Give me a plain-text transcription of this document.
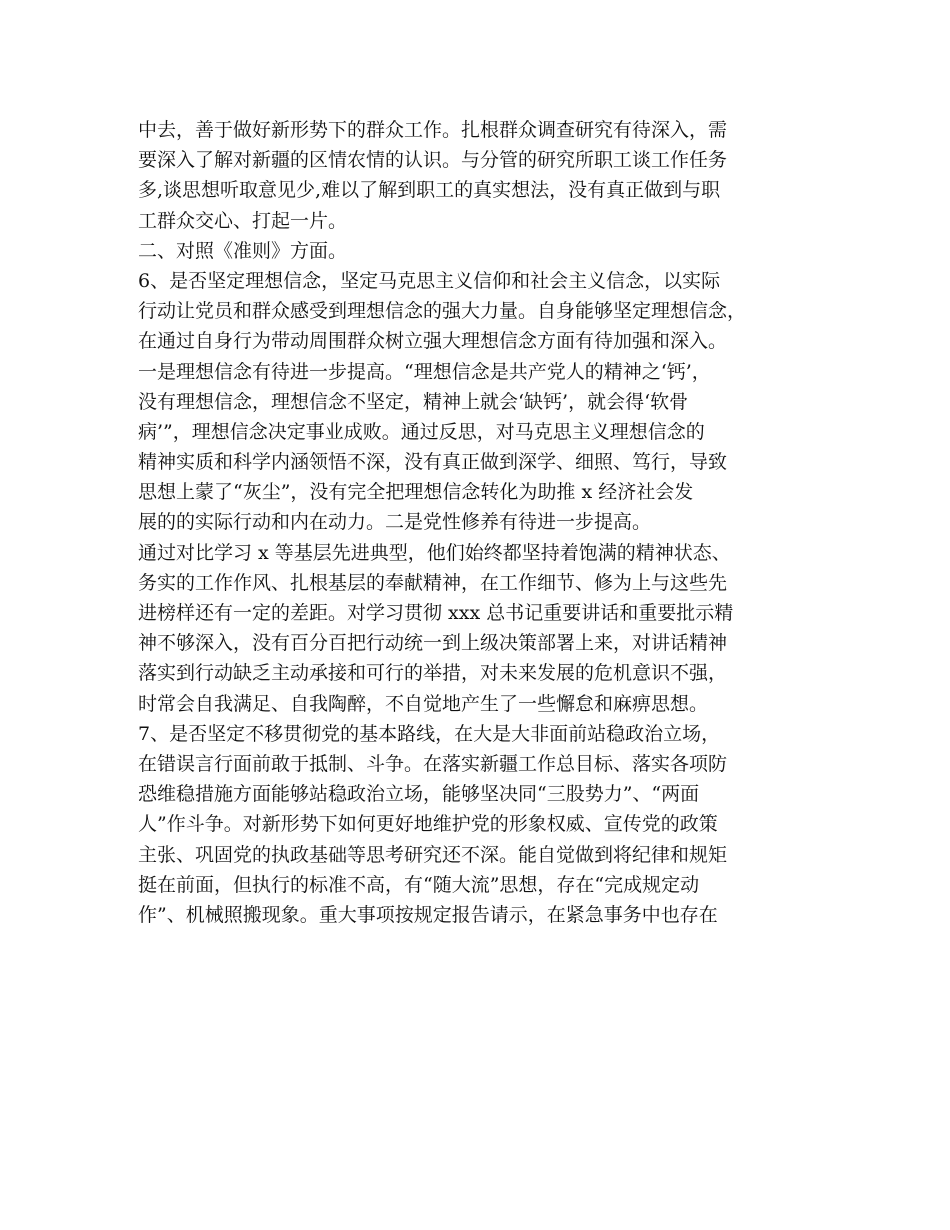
中去，善于做好新形势下的群众工作。扎根群众调查研究有待深入，需
要深入了解对新疆的区情农情的认识。与分管的研究所职工谈工作任务
多,谈思想听取意见少,难以了解到职工的真实想法，没有真正做到与职
工群众交心、打起一片。
二、对照《准则》方面。
6、是否坚定理想信念，坚定马克思主义信仰和社会主义信念，以实际
行动让党员和群众感受到理想信念的强大力量。自身能够坚定理想信念，
在通过自身行为带动周围群众树立强大理想信念方面有待加强和深入。
一是理想信念有待进一步提高。“理想信念是共产党人的精神之‘钙’，
没有理想信念，理想信念不坚定，精神上就会‘缺钙’，就会得‘软骨
病’”，理想信念决定事业成败。通过反思，对马克思主义理想信念的
精神实质和科学内涵领悟不深，没有真正做到深学、细照、笃行，导致
思想上蒙了“灰尘”，没有完全把理想信念转化为助推 x 经济社会发
展的的实际行动和内在动力。二是党性修养有待进一步提高。
通过对比学习 x 等基层先进典型，他们始终都坚持着饱满的精神状态、
务实的工作作风、扎根基层的奉献精神，在工作细节、修为上与这些先
进榜样还有一定的差距。对学习贯彻 xxx 总书记重要讲话和重要批示精
神不够深入，没有百分百把行动统一到上级决策部署上来，对讲话精神
落实到行动缺乏主动承接和可行的举措，对未来发展的危机意识不强，
时常会自我满足、自我陶醉，不自觉地产生了一些懈怠和麻痹思想。
7、是否坚定不移贯彻党的基本路线，在大是大非面前站稳政治立场，
在错误言行面前敢于抵制、斗争。在落实新疆工作总目标、落实各项防
恐维稳措施方面能够站稳政治立场，能够坚决同“三股势力”、“两面
人”作斗争。对新形势下如何更好地维护党的形象权威、宣传党的政策
主张、巩固党的执政基础等思考研究还不深。能自觉做到将纪律和规矩
挺在前面，但执行的标准不高，有“随大流”思想，存在“完成规定动
作”、机械照搬现象。重大事项按规定报告请示，在紧急事务中也存在
